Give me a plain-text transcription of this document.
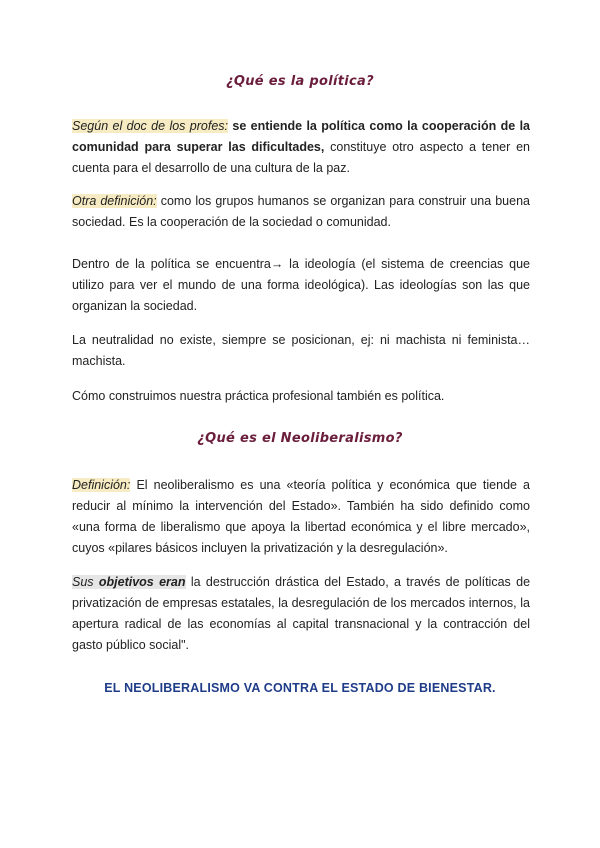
¿Qué es la política?
Según el doc de los profes: se entiende la política como la cooperación de la comunidad para superar las dificultades, constituye otro aspecto a tener en cuenta para el desarrollo de una cultura de la paz.
Otra definición: como los grupos humanos se organizan para construir una buena sociedad. Es la cooperación de la sociedad o comunidad.
Dentro de la política se encuentra→ la ideología (el sistema de creencias que utilizo para ver el mundo de una forma ideológica). Las ideologías son las que organizan la sociedad.
La neutralidad no existe, siempre se posicionan, ej: ni machista ni feminista…machista.
Cómo construimos nuestra práctica profesional también es política.
¿Qué es el Neoliberalismo?
Definición: El neoliberalismo es una «teoría política y económica que tiende a reducir al mínimo la intervención del Estado». También ha sido definido como «una forma de liberalismo que apoya la libertad económica y el libre mercado», cuyos «pilares básicos incluyen la privatización y la desregulación».
Sus objetivos eran la destrucción drástica del Estado, a través de políticas de privatización de empresas estatales, la desregulación de los mercados internos, la apertura radical de las economías al capital transnacional y la contracción del gasto público social".
EL NEOLIBERALISMO VA CONTRA EL ESTADO DE BIENESTAR.
